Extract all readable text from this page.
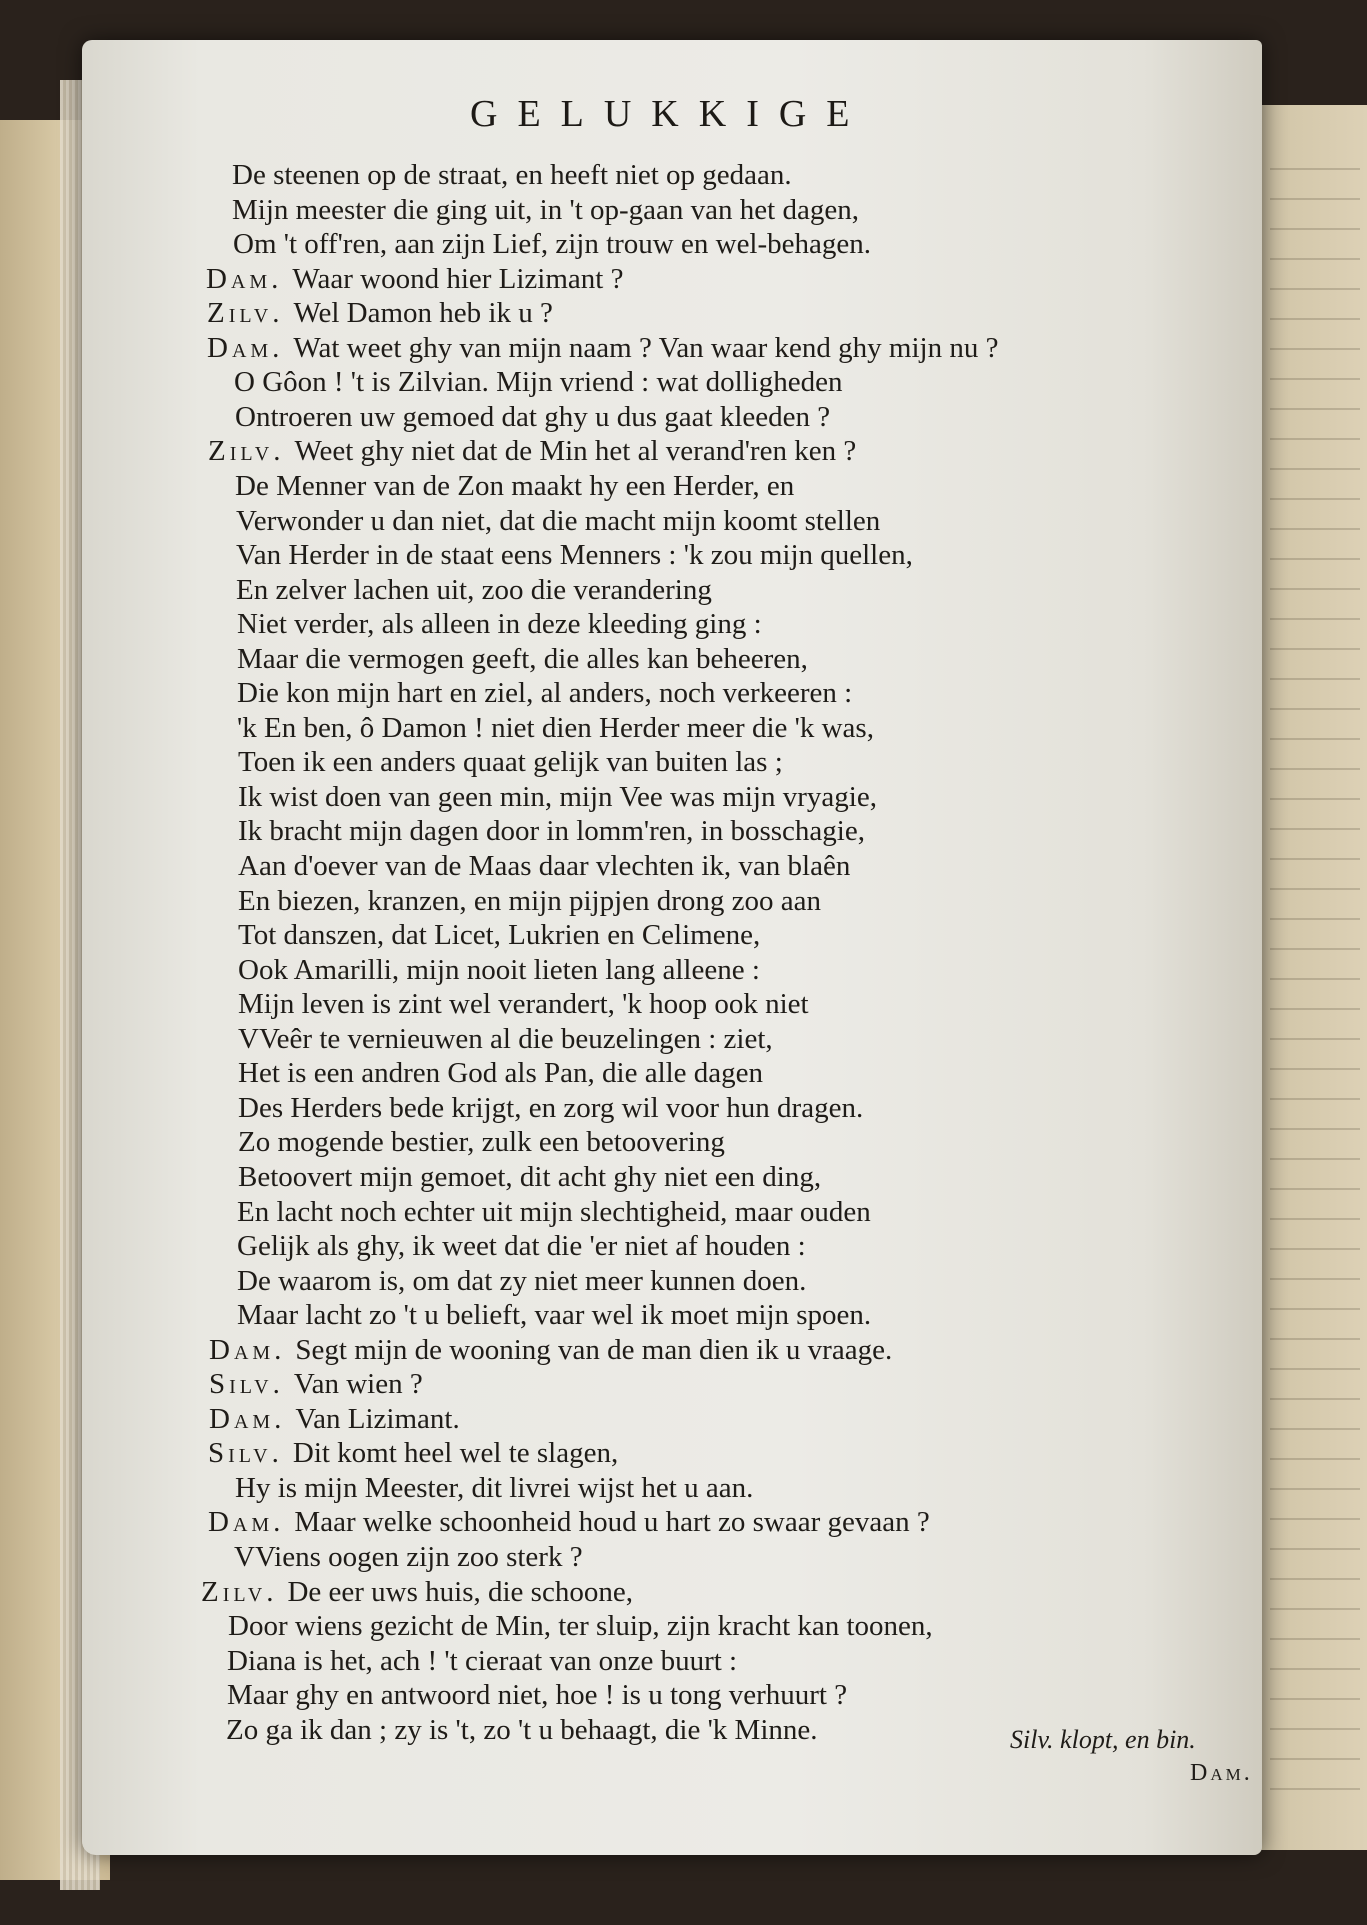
GELUKKIGE
De steenen op de straat, en heeft niet op gedaan.
Mijn meester die ging uit, in 't op-gaan van het dagen,
Om 't off'ren, aan zijn Lief, zijn trouw en wel-behagen.
Dam. Waar woond hier Lizimant ?
Zilv. Wel Damon heb ik u ?
Dam. Wat weet ghy van mijn naam ? Van waar kend ghy mijn nu ?
O Gôon ! 't is Zilvian. Mijn vriend : wat dolligheden
Ontroeren uw gemoed dat ghy u dus gaat kleeden ?
Zilv. Weet ghy niet dat de Min het al verand'ren ken ?
De Menner van de Zon maakt hy een Herder, en
Verwonder u dan niet, dat die macht mijn koomt stellen
Van Herder in de staat eens Menners : 'k zou mijn quellen,
En zelver lachen uit, zoo die verandering
Niet verder, als alleen in deze kleeding ging :
Maar die vermogen geeft, die alles kan beheeren,
Die kon mijn hart en ziel, al anders, noch verkeeren :
'k En ben, ô Damon ! niet dien Herder meer die 'k was,
Toen ik een anders quaat gelijk van buiten las ;
Ik wist doen van geen min, mijn Vee was mijn vryagie,
Ik bracht mijn dagen door in lomm'ren, in bosschagie,
Aan d'oever van de Maas daar vlechten ik, van blaên
En biezen, kranzen, en mijn pijpjen drong zoo aan
Tot danszen, dat Licet, Lukrien en Celimene,
Ook Amarilli, mijn nooit lieten lang alleene :
Mijn leven is zint wel verandert, 'k hoop ook niet
VVeêr te vernieuwen al die beuzelingen : ziet,
Het is een andren God als Pan, die alle dagen
Des Herders bede krijgt, en zorg wil voor hun dragen.
Zo mogende bestier, zulk een betoovering
Betoovert mijn gemoet, dit acht ghy niet een ding,
En lacht noch echter uit mijn slechtigheid, maar ouden
Gelijk als ghy, ik weet dat die 'er niet af houden :
De waarom is, om dat zy niet meer kunnen doen.
Maar lacht zo 't u belieft, vaar wel ik moet mijn spoen.
Dam. Segt mijn de wooning van de man dien ik u vraage.
Silv. Van wien ?
Dam. Van Lizimant.
Silv. Dit komt heel wel te slagen,
Hy is mijn Meester, dit livrei wijst het u aan.
Dam. Maar welke schoonheid houd u hart zo swaar gevaan ?
VViens oogen zijn zoo sterk ?
Zilv. De eer uws huis, die schoone,
Door wiens gezicht de Min, ter sluip, zijn kracht kan toonen,
Diana is het, ach ! 't cieraat van onze buurt :
Maar ghy en antwoord niet, hoe ! is u tong verhuurt ?
Zo ga ik dan ; zy is 't, zo 't u behaagt, die 'k Minne.	Silv. klopt, en bin.
Dam.
